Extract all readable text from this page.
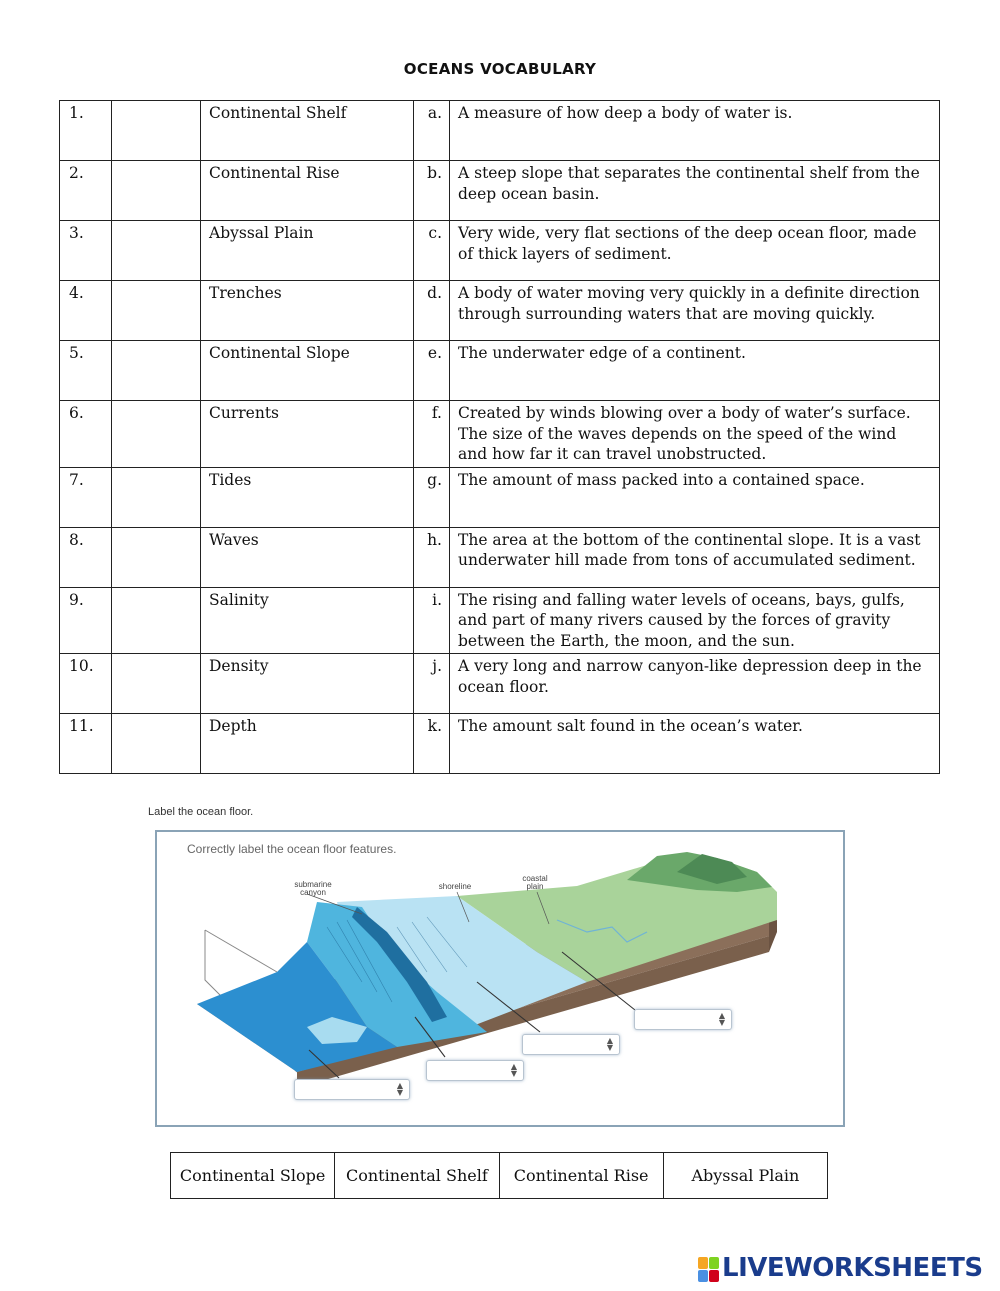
OCEANS VOCABULARY
1.		Continental Shelf	a.	A measure of how deep a body of water is.
2.		Continental Rise	b.	A steep slope that separates the continental shelf from the deep ocean basin.
3.		Abyssal Plain	c.	Very wide, very flat sections of the deep ocean floor, made of thick layers of sediment.
4.		Trenches	d.	A body of water moving very quickly in a definite direction through surrounding waters that are moving quickly.
5.		Continental Slope	e.	The underwater edge of a continent.
6.		Currents	f.	Created by winds blowing over a body of water’s surface. The size of the waves depends on the speed of the wind and how far it can travel unobstructed.
7.		Tides	g.	The amount of mass packed into a contained space.
8.		Waves	h.	The area at the bottom of the continental slope. It is a vast underwater hill made from tons of accumulated sediment.
9.		Salinity	i.	The rising and falling water levels of oceans, bays, gulfs, and part of many rivers caused by the forces of gravity between the Earth, the moon, and the sun.
10.		Density	j.	A very long and narrow canyon-like depression deep in the ocean floor.
11.		Depth	k.	The amount salt found in the ocean’s water.
Label the ocean floor.
Correctly label the ocean floor features.
submarine canyon
shoreline
coastal plain
▲
▼
▲
▼
▲
▼
▲
▼
Continental Slope	Continental Shelf	Continental Rise	Abyssal Plain
LIVEWORKSHEETS
